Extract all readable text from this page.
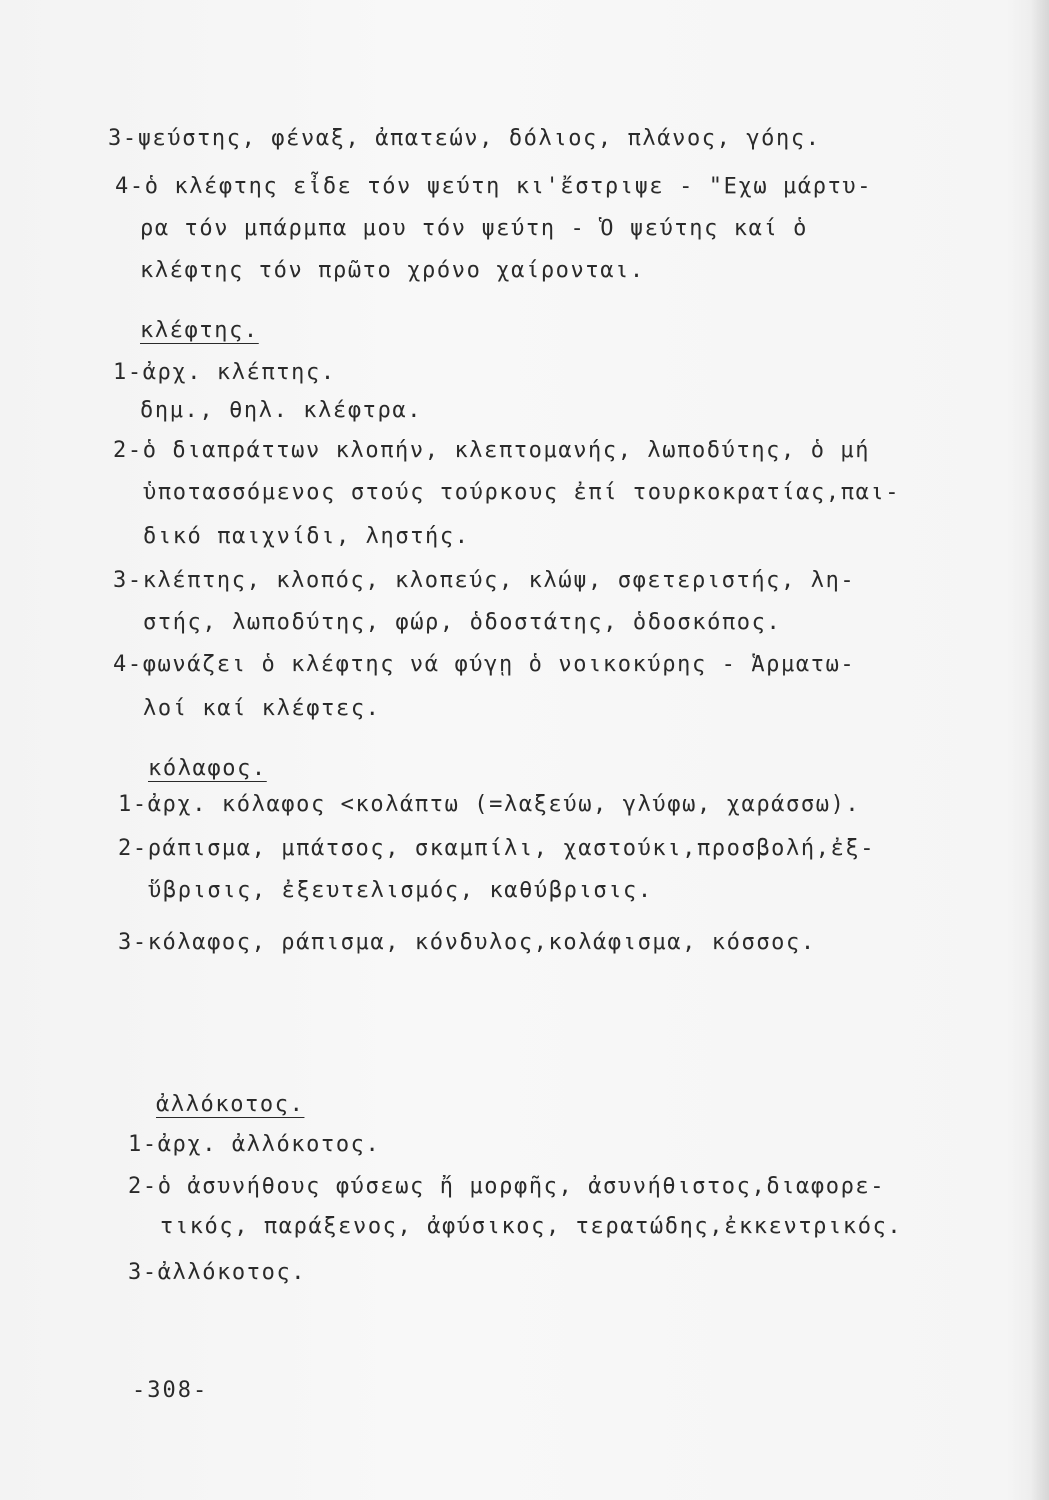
3-ψεύστης, φέναξ, ἀπατεών, δόλιος, πλάνος, γόης.
4-ὁ κλέφτης εἶδε τόν ψεύτη κι'ἔστριψε - "Εχω μάρτυ-
ρα τόν μπάρμπα μου τόν ψεύτη - Ὁ ψεύτης καί ὁ
κλέφτης τόν πρῶτο χρόνο χαίρονται.
κλέφτης.
1-ἀρχ. κλέπτης.
δημ., θηλ. κλέφτρα.
2-ὁ διαπράττων κλοπήν, κλεπτομανής, λωποδύτης, ὁ μή
ὑποτασσόμενος στούς τούρκους ἐπί τουρκοκρατίας,παι-
δικό παιχνίδι, ληστής.
3-κλέπτης, κλοπός, κλοπεύς, κλώψ, σφετεριστής, λη-
στής, λωποδύτης, φώρ, ὁδοστάτης, ὁδοσκόπος.
4-φωνάζει ὁ κλέφτης νά φύγῃ ὁ νοικοκύρης - Ἁρματω-
λοί καί κλέφτες.
κόλαφος.
1-ἀρχ. κόλαφος <κολάπτω (=λαξεύω, γλύφω, χαράσσω).
2-ράπισμα, μπάτσος, σκαμπίλι, χαστούκι,προσβολή,ἐξ-
ὕβρισις, ἐξευτελισμός, καθύβρισις.
3-κόλαφος, ράπισμα, κόνδυλος,κολάφισμα, κόσσος.
ἀλλόκοτος.
1-ἀρχ. ἀλλόκοτος.
2-ὁ ἀσυνήθους φύσεως ἤ μορφῆς, ἀσυνήθιστος,διαφορε-
τικός, παράξενος, ἀφύσικος, τερατώδης,ἐκκεντρικός.
3-ἀλλόκοτος.
-308-
